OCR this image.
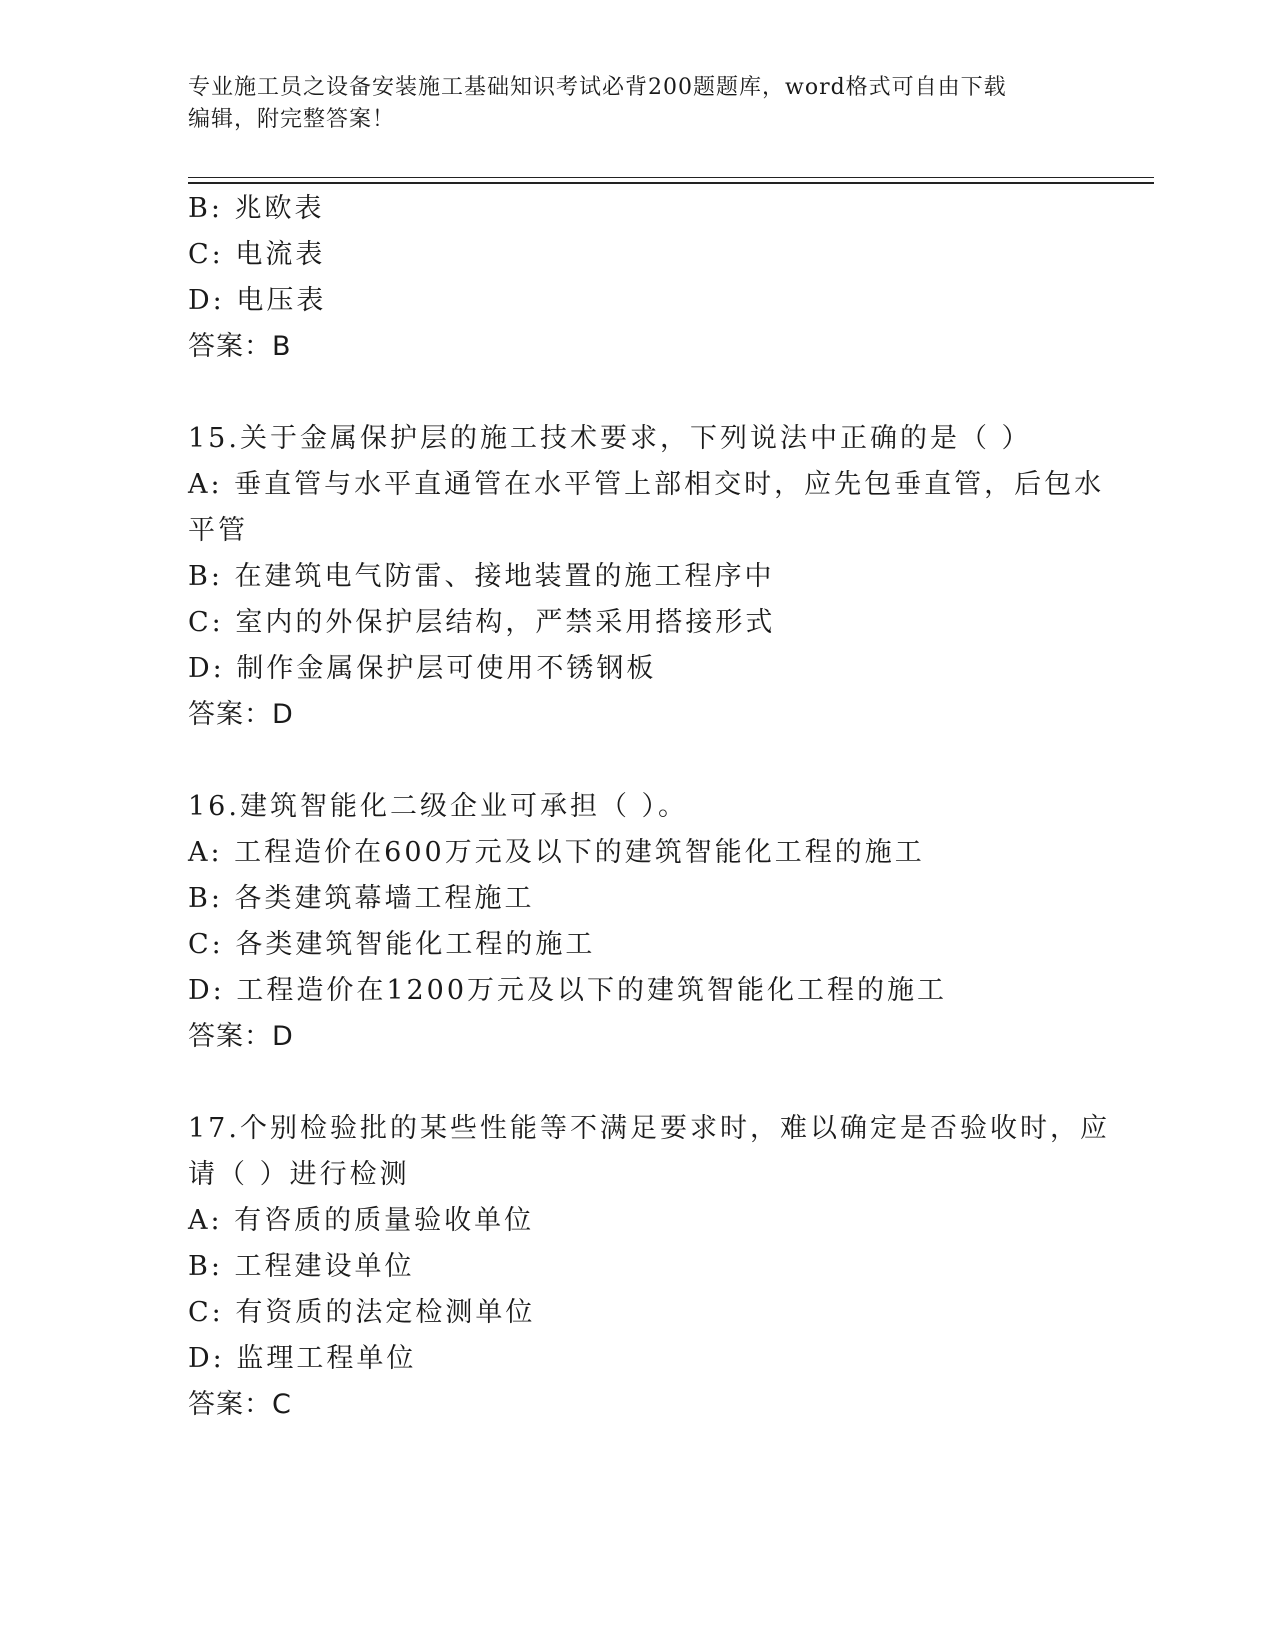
专业施工员之设备安装施工基础知识考试必背200题题库，word格式可自由下载
编辑，附完整答案！
B: 兆欧表
C: 电流表
D: 电压表
答案：B
15.关于金属保护层的施工技术要求，下列说法中正确的是（ ）
A: 垂直管与水平直通管在水平管上部相交时，应先包垂直管，后包水
平管
B: 在建筑电气防雷、接地装置的施工程序中
C: 室内的外保护层结构，严禁采用搭接形式
D: 制作金属保护层可使用不锈钢板
答案：D
16.建筑智能化二级企业可承担（ ）。
A: 工程造价在600万元及以下的建筑智能化工程的施工
B: 各类建筑幕墙工程施工
C: 各类建筑智能化工程的施工
D: 工程造价在1200万元及以下的建筑智能化工程的施工
答案：D
17.个别检验批的某些性能等不满足要求时，难以确定是否验收时，应
请（ ）进行检测
A: 有咨质的质量验收单位
B: 工程建设单位
C: 有资质的法定检测单位
D: 监理工程单位
答案：C
